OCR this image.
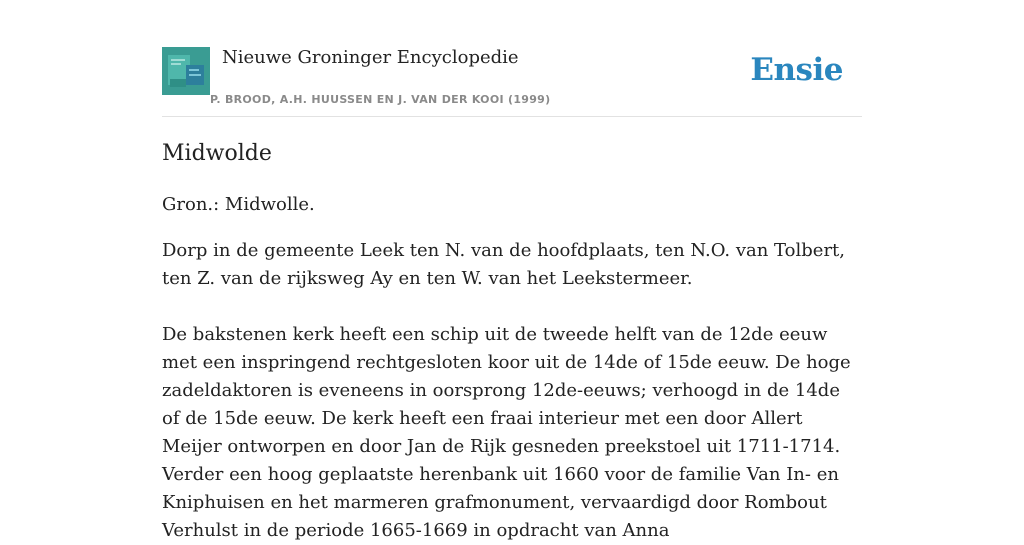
Nieuwe Groninger Encyclopedie
P. BROOD, A.H. HUUSSEN EN J. VAN DER KOOI (1999)
Ensie
Midwolde

Gron.: Midwolle.

Dorp in de gemeente Leek ten N. van de hoofdplaats, ten N.O. van Tolbert, ten Z. van de rijksweg Ay en ten W. van het Leekstermeer.
De bakstenen kerk heeft een schip uit de tweede helft van de 12de eeuw met een inspringend rechtgesloten koor uit de 14de of 15de eeuw. De hoge zadeldaktoren is eveneens in oorsprong 12de-eeuws; verhoogd in de 14de of de 15de eeuw. De kerk heeft een fraai interieur met een door Allert Meijer ontworpen en door Jan de Rijk gesneden preekstoel uit 1711-1714. Verder een hoog geplaatste herenbank uit 1660 voor de familie Van In- en Kniphuisen en het marmeren grafmonument, vervaardigd door Rombout Verhulst in de periode 1665-1669 in opdracht van Anna
